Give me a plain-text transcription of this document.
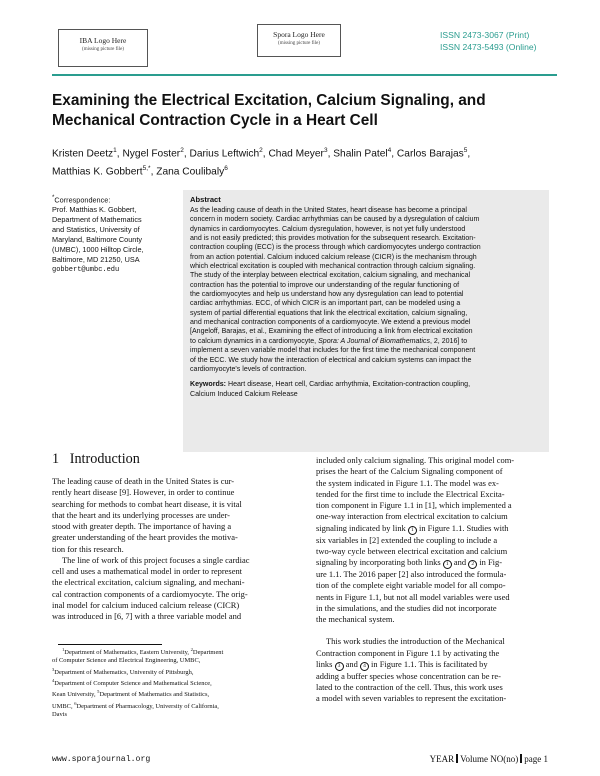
IBA Logo Here
(missing picture file)
Spora Logo Here
(missing picture file)
ISSN 2473-3067 (Print)
ISSN 2473-5493 (Online)
Examining the Electrical Excitation, Calcium Signaling, and
Mechanical Contraction Cycle in a Heart Cell
Kristen Deetz$^1$, Nygel Foster$^2$, Darius Leftwich$^2$, Chad Meyer$^3$, Shalin Patel$^4$, Carlos Barajas$^5$,
Matthias K. Gobbert$^{5,*}$, Zana Coulibaly$^6$
*Correspondence:
Prof. Matthias K. Gobbert,
Department of Mathematics
and Statistics, University of
Maryland, Baltimore County
(UMBC), 1000 Hilltop Circle,
Baltimore, MD 21250, USA
gobbert@umbc.edu
Abstract
As the leading cause of death in the United States, heart disease has become a principal
concern in modern society. Cardiac arrhythmias can be caused by a dysregulation of calcium
dynamics in cardiomyocytes. Calcium dysregulation, however, is not yet fully understood
and is not easily predicted; this provides motivation for the subsequent research. Excitation-
contraction coupling (ECC) is the process through which cardiomyocytes undergo contraction
from an action potential. Calcium induced calcium release (CICR) is the mechanism through
which electrical excitation is coupled with mechanical contraction through calcium signaling.
The study of the interplay between electrical excitation, calcium signaling, and mechanical
contraction has the potential to improve our understanding of the regular functioning of
the cardiomyocytes and help us understand how any dysregulation can lead to potential
cardiac arrhythmias. ECC, of which CICR is an important part, can be modeled using a
system of partial differential equations that link the electrical excitation, calcium signaling,
and mechanical contraction components of a cardiomyocyte. We extend a previous model
[Angeloff, Barajas, et al., Examining the effect of introducing a link from electrical excitation
to calcium dynamics in a cardiomyocyte, Spora: A Journal of Biomathematics, 2, 2016] to
implement a seven variable model that includes for the first time the mechanical component
of the ECC. We study how the interaction of electrical and calcium systems can impact the
cardiomyocyte's levels of contraction.
Keywords: Heart disease, Heart cell, Cardiac arrhythmia, Excitation-contraction coupling,
Calcium Induced Calcium Release
1 Introduction

The leading cause of death in the United States is cur-
rently heart disease [9]. However, in order to continue
searching for methods to combat heart disease, it is vital
that the heart and its underlying processes are under-
stood with greater depth. The importance of having a
greater understanding of the heart provides the motiva-
tion for this research.

The line of work of this project focuses a single cardiac
cell and uses a mathematical model in order to represent
the electrical excitation, calcium signaling, and mechani-
cal contraction components of a cardiomyocyte. The orig-
inal model for calcium induced calcium release (CICR)
was introduced in [6, 7] with a three variable model and

$^1$Department of Mathematics, Eastern University, $^2$Department
of Computer Science and Electrical Engineering, UMBC,
$^3$Department of Mathematics, University of Pittsburgh,
$^4$Department of Computer Science and Mathematical Science,
Kean University, $^5$Department of Mathematics and Statistics,
UMBC, $^6$Department of Pharmacology, University of California,
Davis
included only calcium signaling. This original model com-
prises the heart of the Calcium Signaling component of
the system indicated in Figure 1.1. The model was ex-
tended for the first time to include the Electrical Excita-
tion component in Figure 1.1 in [1], which implemented a
one-way interaction from electrical excitation to calcium
signaling indicated by link 1 in Figure 1.1. Studies with
six variables in [2] extended the coupling to include a
two-way cycle between electrical excitation and calcium
signaling by incorporating both links 1 and 2 in Fig-
ure 1.1. The 2016 paper [2] also introduced the formula-
tion of the complete eight variable model for all compo-
nents in Figure 1.1, but not all model variables were used
in the simulations, and the studies did not incorporate
the mechanical system.
This work studies the introduction of the Mechanical
Contraction component in Figure 1.1 by activating the
links 3 and 4 in Figure 1.1. This is facilitated by
adding a buffer species whose concentration can be re-
lated to the contraction of the cell. Thus, this work uses
a model with seven variables to represent the excitation-
www.sporajournal.org	YEAR Volume NO(no) page 1
